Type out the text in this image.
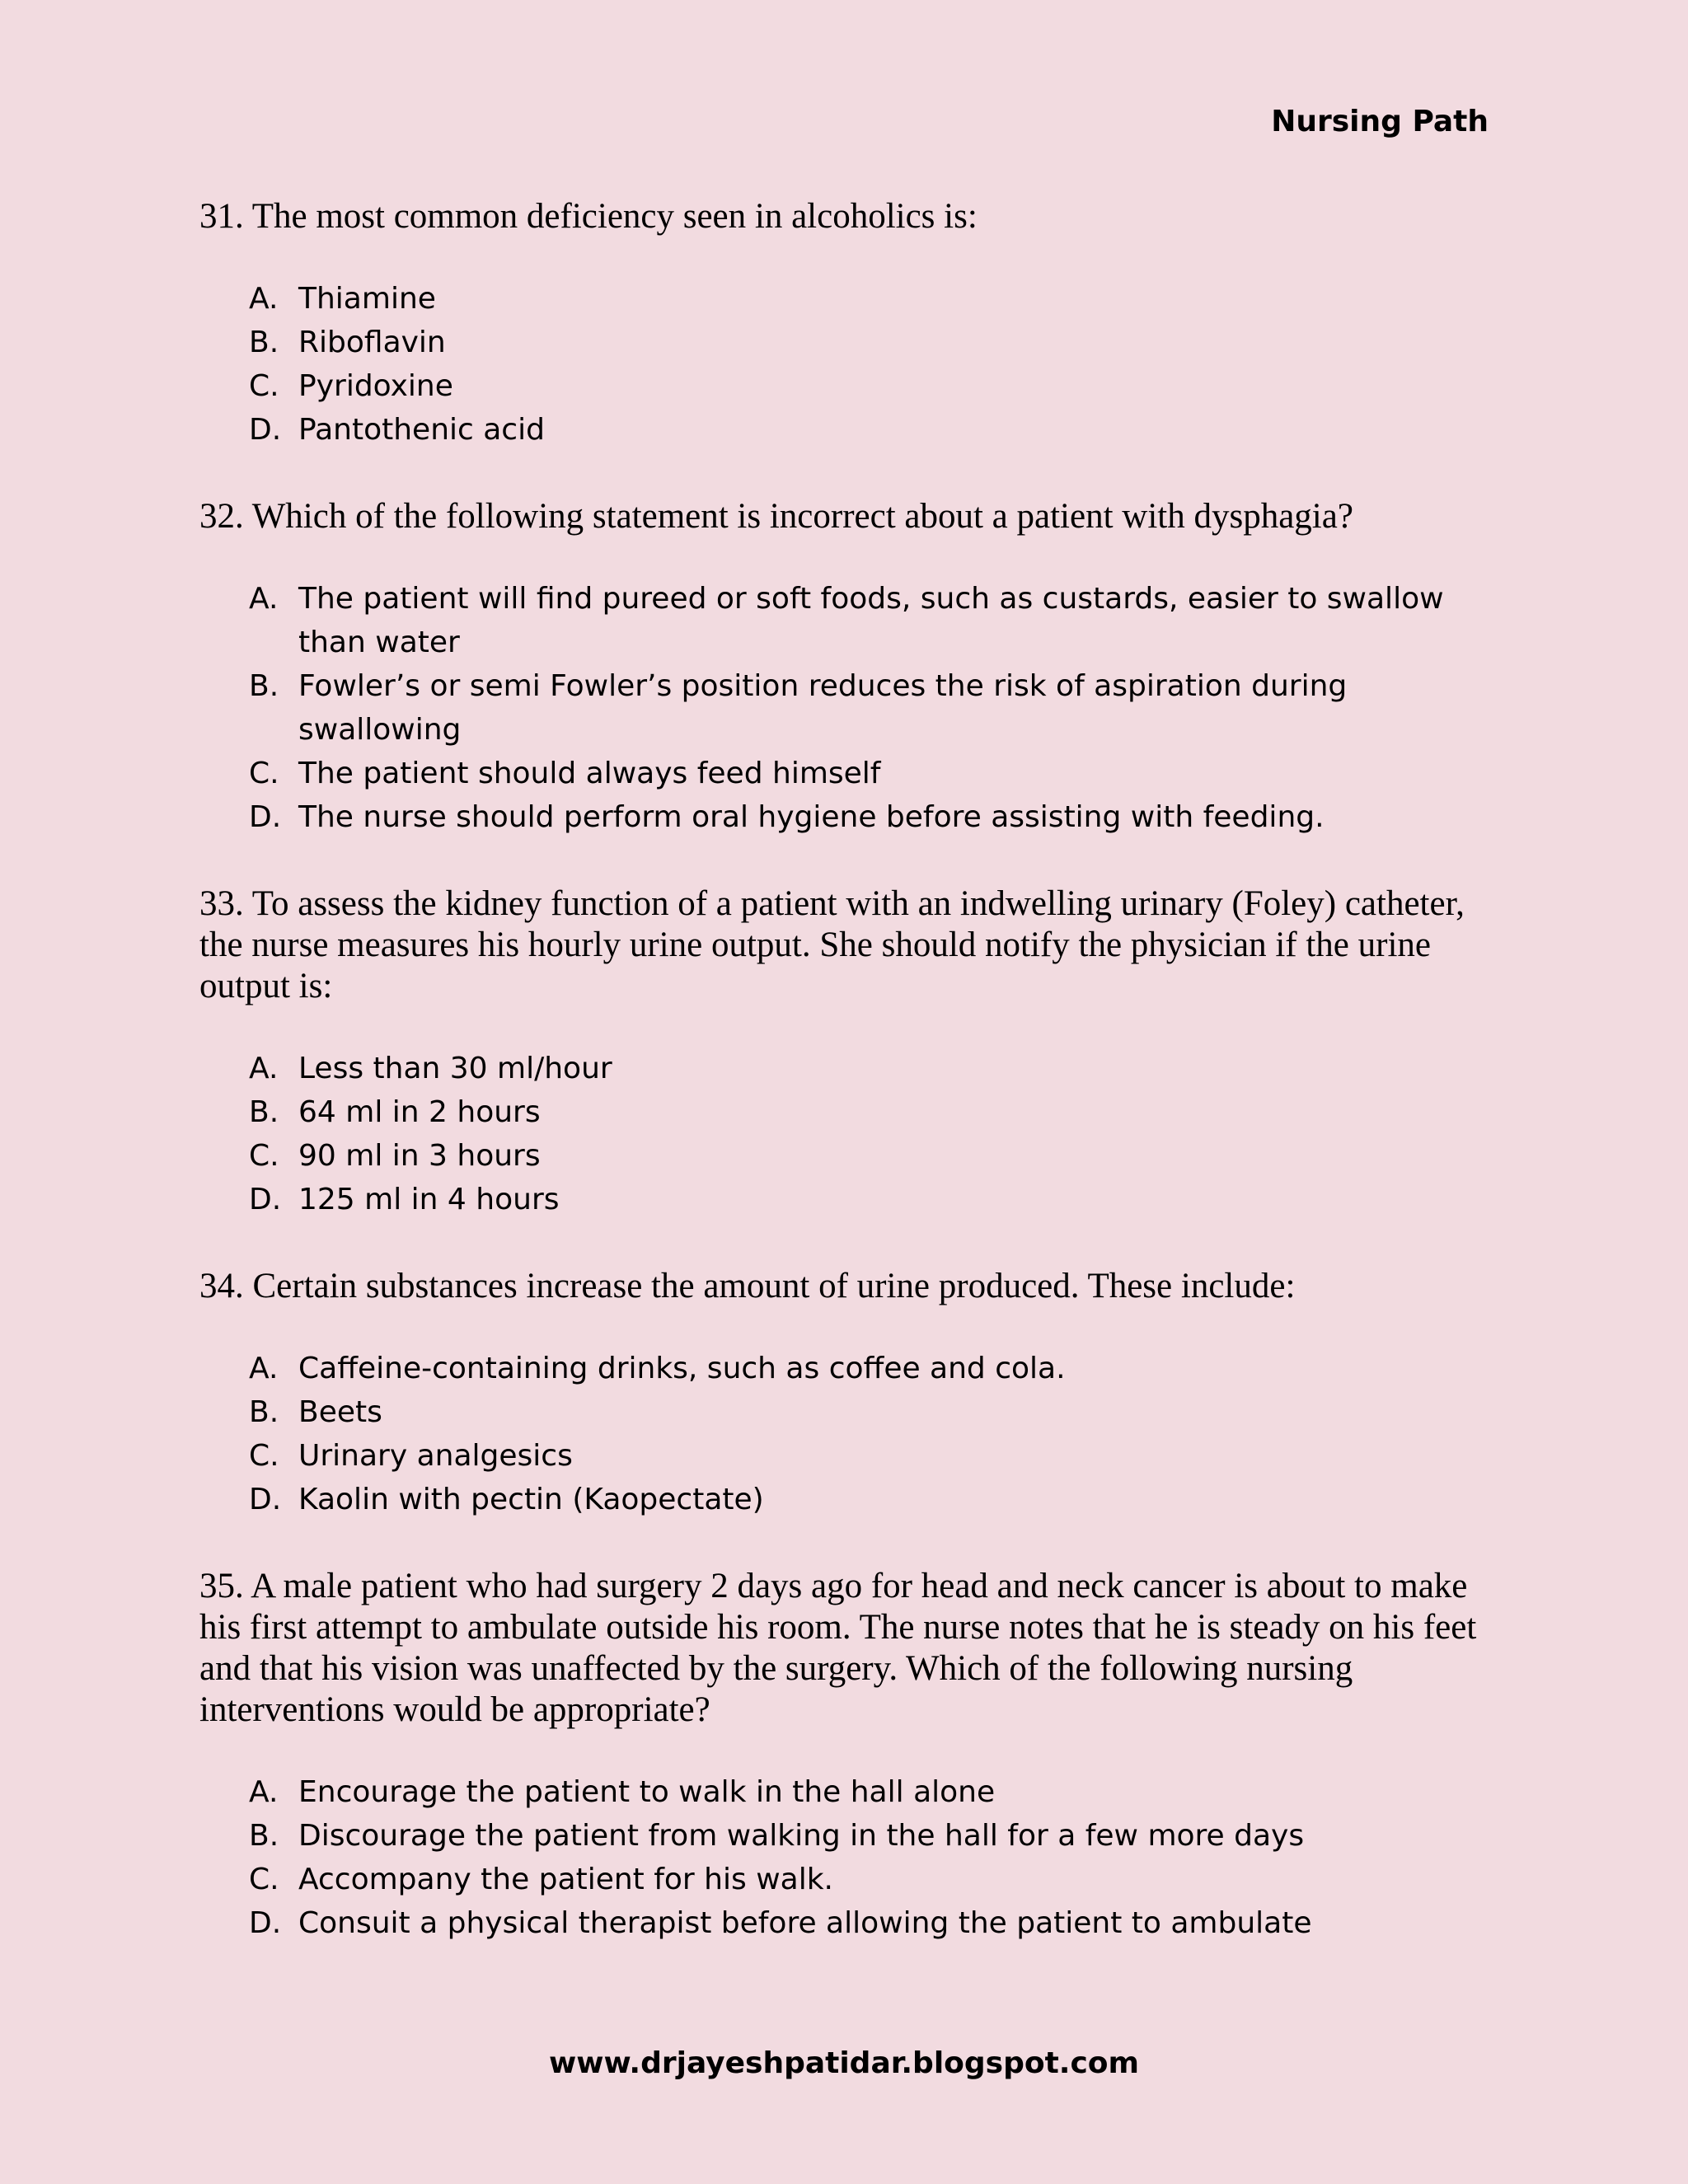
Nursing Path

31. The most common deficiency seen in alcoholics is:

A. Thiamine
B. Riboflavin
C. Pyridoxine
D. Pantothenic acid

32. Which of the following statement is incorrect about a patient with dysphagia?

A. The patient will find pureed or soft foods, such as custards, easier to swallow than water
B. Fowler’s or semi Fowler’s position reduces the risk of aspiration during swallowing
C. The patient should always feed himself
D. The nurse should perform oral hygiene before assisting with feeding.

33. To assess the kidney function of a patient with an indwelling urinary (Foley) catheter, the nurse measures his hourly urine output. She should notify the physician if the urine output is:

A. Less than 30 ml/hour
B. 64 ml in 2 hours
C. 90 ml in 3 hours
D. 125 ml in 4 hours

34. Certain substances increase the amount of urine produced. These include:

A. Caffeine-containing drinks, such as coffee and cola.
B. Beets
C. Urinary analgesics
D. Kaolin with pectin (Kaopectate)

35. A male patient who had surgery 2 days ago for head and neck cancer is about to make his first attempt to ambulate outside his room. The nurse notes that he is steady on his feet and that his vision was unaffected by the surgery. Which of the following nursing interventions would be appropriate?

A. Encourage the patient to walk in the hall alone
B. Discourage the patient from walking in the hall for a few more days
C. Accompany the patient for his walk.
D. Consuit a physical therapist before allowing the patient to ambulate
www.drjayeshpatidar.blogspot.com
